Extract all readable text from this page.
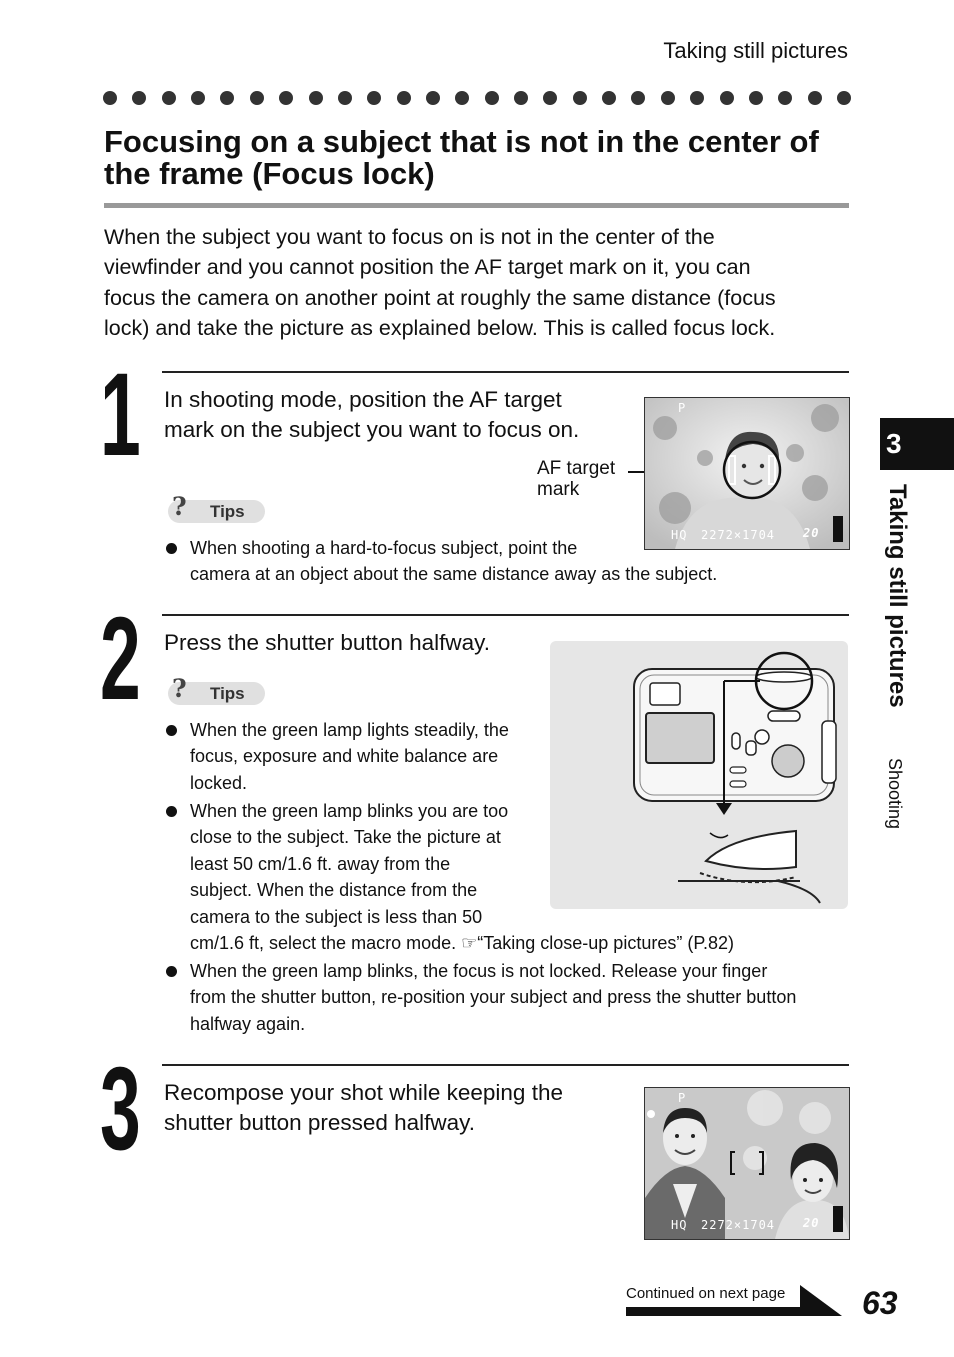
Taking still pictures
Focusing on a subject that is not in the center of the frame (Focus lock)
When the subject you want to focus on is not in the center of the
viewfinder and you cannot position the AF target mark on it, you can
focus the camera on another point at roughly the same distance (focus
lock) and take the picture as explained below. This is called focus lock.
1 In shooting mode, position the AF target
mark on the subject you want to focus on.
AF target
mark
P
HQ 2272×1704 20
? Tips
When shooting a hard-to-focus subject, point the
camera at an object about the same distance away as the subject.
2 Press the shutter button halfway.
? Tips
When the green lamp lights steadily, the
focus, exposure and white balance are
locked.
When the green lamp blinks you are too
close to the subject. Take the picture at
least 50 cm/1.6 ft. away from the
subject. When the distance from the
camera to the subject is less than 50
cm/1.6 ft, select the macro mode. ☞“Taking close-up pictures” (P.82)
When the green lamp blinks, the focus is not locked. Release your finger
from the shutter button, re-position your subject and press the shutter button
halfway again.
3 Recompose your shot while keeping the
shutter button pressed halfway.
P
HQ 2272×1704 20
3
Taking still pictures
Shooting
Continued on next page 63
